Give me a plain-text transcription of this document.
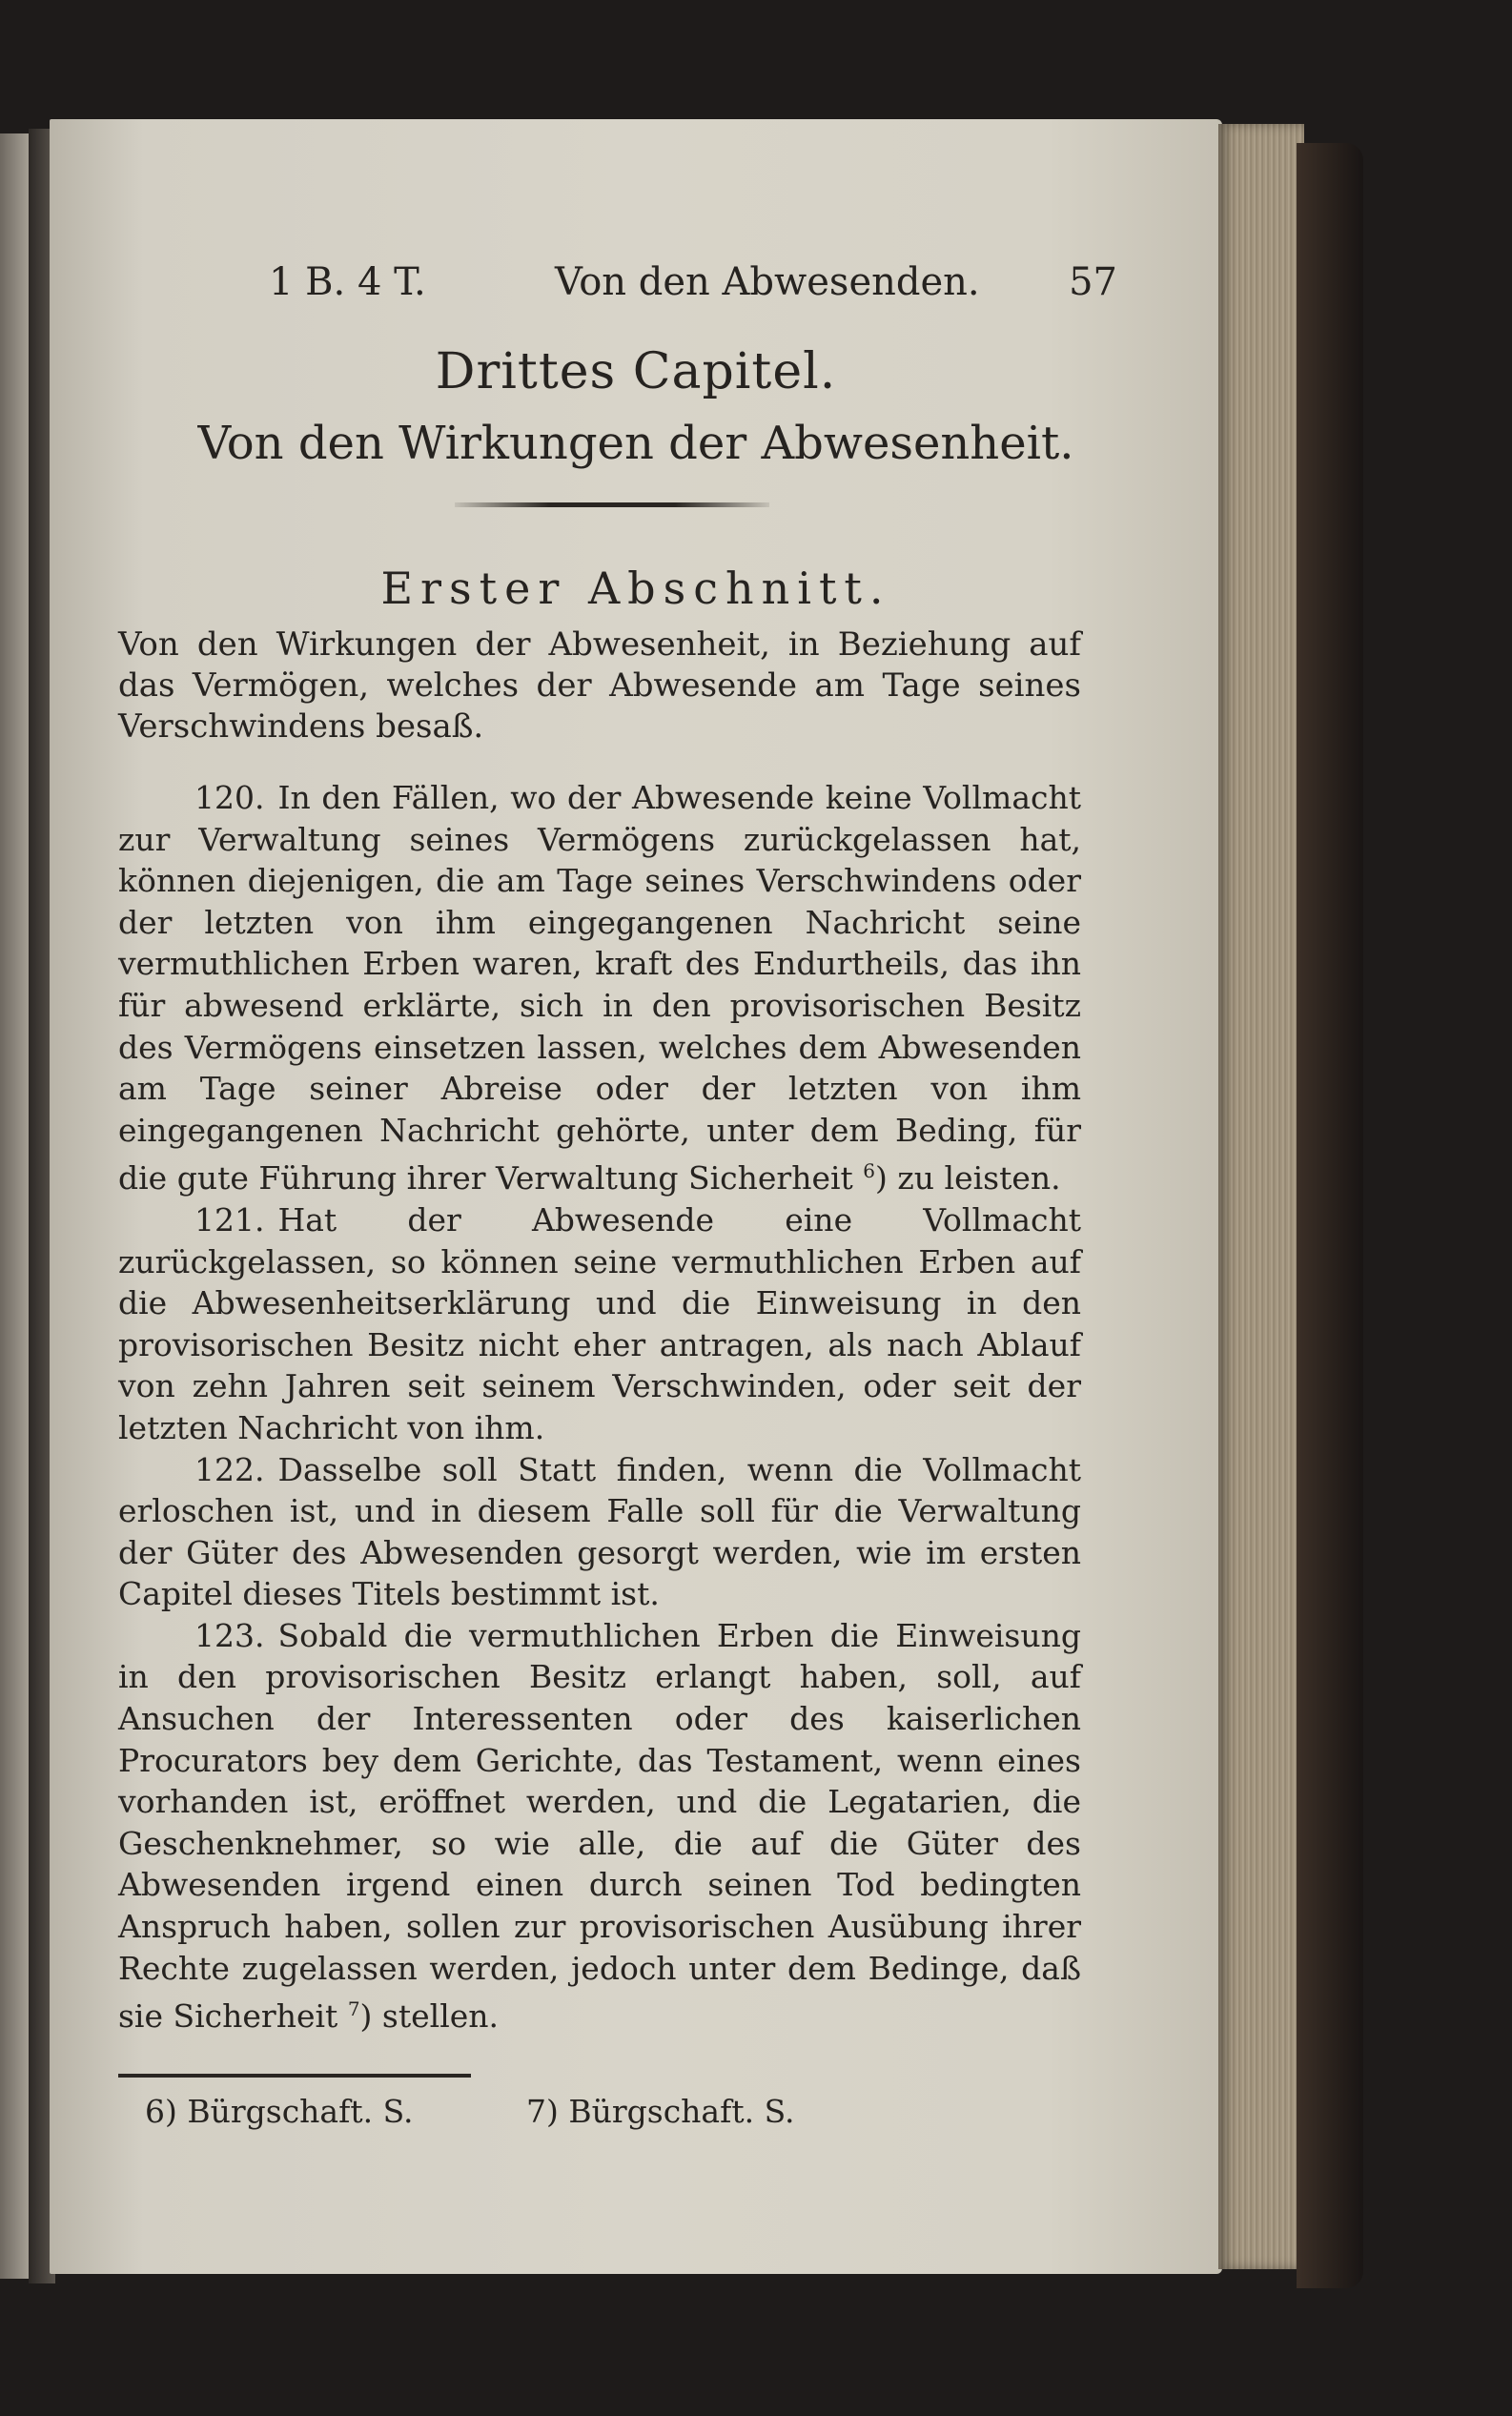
1 B. 4 T.	Von den Abwesenden. 57
Drittes Capitel.
Von den Wirkungen der Abwesenheit.
Erster Abschnitt.
Von den Wirkungen der Abwesenheit, in Beziehung auf das Vermögen, welches der Abwesende am Tage seines Verschwindens besaß.

120. In den Fällen, wo der Abwesende keine Vollmacht zur Verwaltung seines Vermögens zurückgelassen hat, können diejenigen, die am Tage seines Verschwindens oder der letzten von ihm eingegangenen Nachricht seine vermuthlichen Erben waren, kraft des Endurtheils, das ihn für abwesend erklärte, sich in den provisorischen Besitz des Vermögens einsetzen lassen, welches dem Abwesenden am Tage seiner Abreise oder der letzten von ihm eingegangenen Nachricht gehörte, unter dem Beding, für die gute Führung ihrer Verwaltung Sicherheit $^6$) zu leisten.

121. Hat der Abwesende eine Vollmacht zurückgelassen, so können seine vermuthlichen Erben auf die Abwesenheitserklärung und die Einweisung in den provisorischen Besitz nicht eher antragen, als nach Ablauf von zehn Jahren seit seinem Verschwinden, oder seit der letzten Nachricht von ihm.

122. Dasselbe soll Statt finden, wenn die Vollmacht erloschen ist, und in diesem Falle soll für die Verwaltung der Güter des Abwesenden gesorgt werden, wie im ersten Capitel dieses Titels bestimmt ist.

123. Sobald die vermuthlichen Erben die Einweisung in den provisorischen Besitz erlangt haben, soll, auf Ansuchen der Interessenten oder des kaiserlichen Procurators bey dem Gerichte, das Testament, wenn eines vorhanden ist, eröffnet werden, und die Legatarien, die Geschenknehmer, so wie alle, die auf die Güter des Abwesenden irgend einen durch seinen Tod bedingten Anspruch haben, sollen zur provisorischen Ausübung ihrer Rechte zugelassen werden, jedoch unter dem Bedinge, daß sie Sicherheit $^7$) stellen.

6) Bürgschaft. S.	7) Bürgschaft. S.
